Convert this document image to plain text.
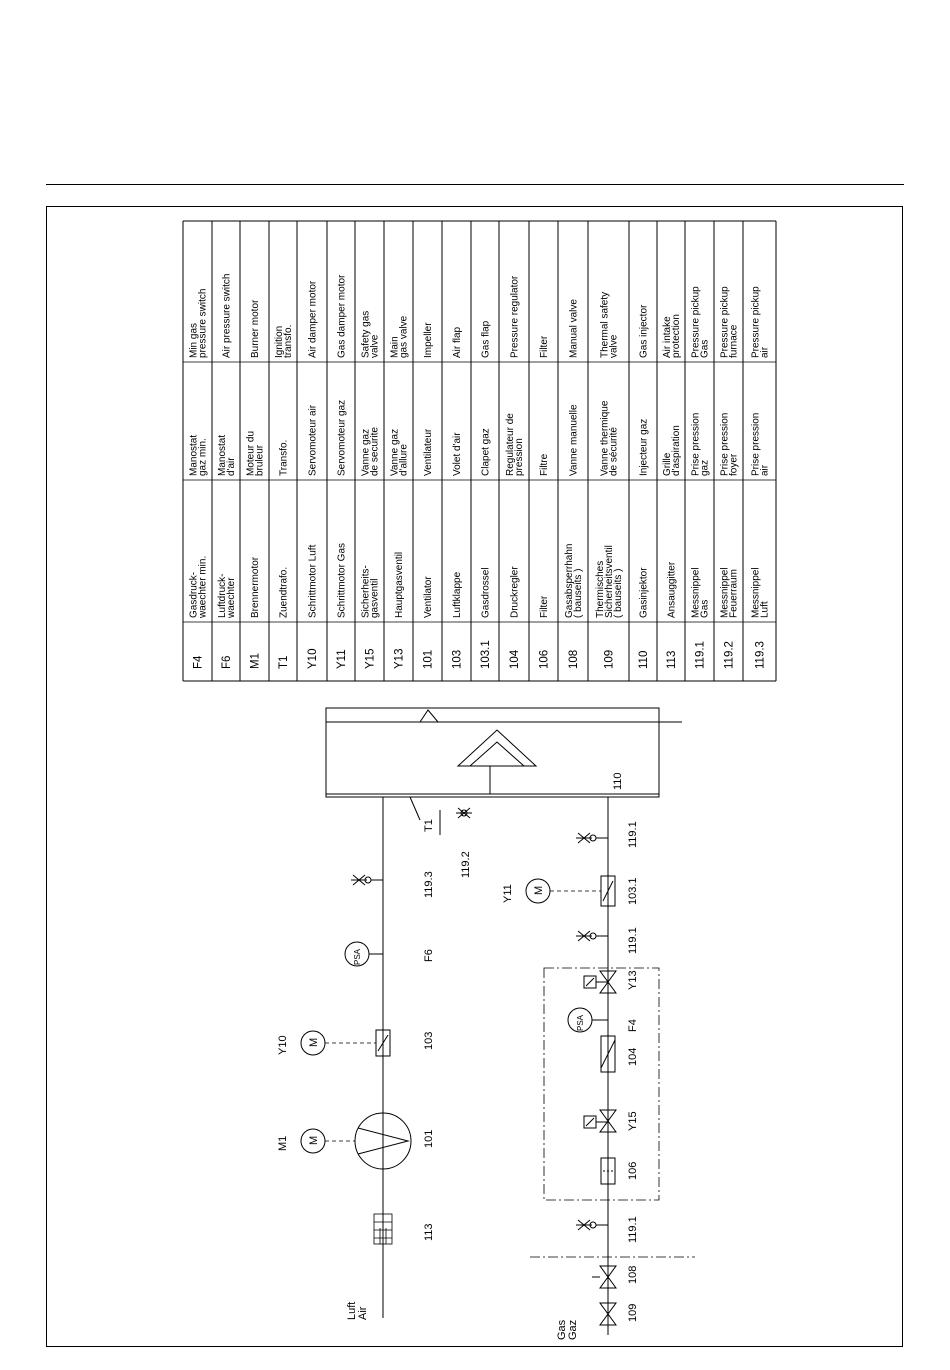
Min gas
pressure switch
Manostat
gaz min.
Gasdruck-
waechter min.
F4
Air pressure switch
Manostat
d'air
Luftdruck-
waechter
F6
Burner motor
Moteur du
bruleur
Brennermotor
M1
Ignition
transfo.
Transfo.
Zuendtrafo.
T1
Air damper motor
Servomoteur air
Schrittmotor Luft
Y10
Gas damper motor
Servomoteur gaz
Schrittmotor Gas
Y11
Safety gas
valve
Vanne gaz
de securite
Sicherheits-
gasventil
Y15
Main
gas valve
Vanne gaz
d'allure
Hauptgasventil
Y13
Impeller
Ventilateur
Ventilator
101
Air flap
Volet d'air
Luftklappe
103
Gas flap
Clapet gaz
Gasdrossel
103.1
Pressure regulator
Regulateur de
pression
Druckregler
104
Filter
Filtre
Filter
106
Manual valve
Vanne manuelle
Gasabsperrhahn
( bauseits )
108
Thermal safety
valve
Vanne thermique
de sécurité
Thermisches
Sicherheitsventil
( bauseits )
109
Gas injector
Injecteur gaz
Gasinjektor
110
Air intake
protection
Grille
d'aspiration
Ansauggitter
113
Pressure pickup
Gas
Prise pression
gaz
Messnippel
Gas
119.1
Pressure pickup
furnace
Prise pression
foyer
Messnippel
Feuerraum
119.2
Pressure pickup
air
Prise pression
air
Messnippel
Luft
119.3
Luft Air
Gas Gaz
M1
Y10
Y11
M
M
M
PSA
PSA
F6
F4
T1
101
103
113
119.3
119.2
103.1
119.1
119.1
Y13
104
Y15
106
119.1
108
109
110
